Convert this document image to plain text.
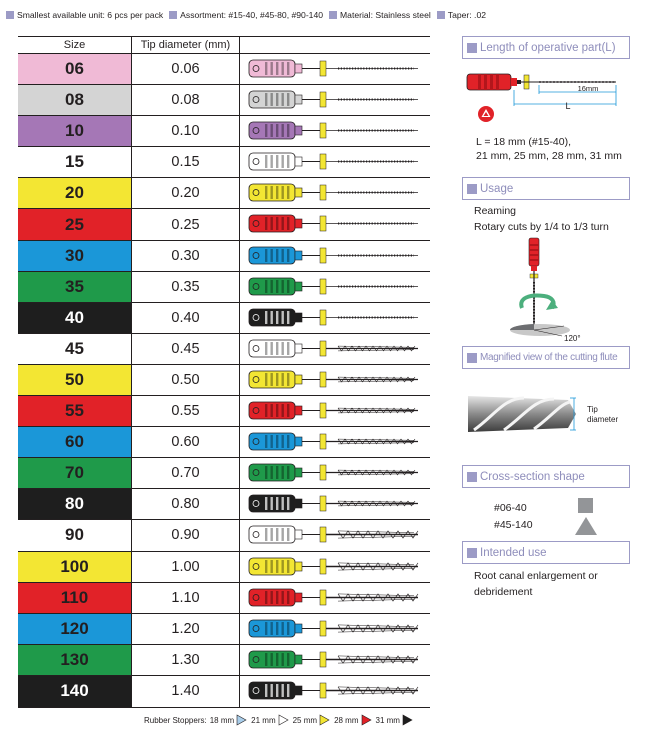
Smallest available unit: 6 pcs per pack Assortment: #15-40, #45-80, #90-140 Material: Stainless steel Taper: .02
Size	Tip diameter (mm)
06	0.06
08	0.08
10	0.10
15	0.15
20	0.20
25	0.25
30	0.30
35	0.35
40	0.40
45	0.45
50	0.50
55	0.55
60	0.60
70	0.70
80	0.80
90	0.90
100	1.00
110	1.10
120	1.20
130	1.30
140	1.40
Rubber Stoppers: 18 mm 21 mm 25 mm 28 mm 31 mm
Length of operative part(L)
16mm
L
L = 18 mm (#15-40),
21 mm, 25 mm, 28 mm, 31 mm
Usage
Reaming
Rotary cuts by 1/4 to 1/3 turn
120°
Magnified view of the cutting flute
Tip
diameter
Cross-section shape
#06-40
#45-140
Intended use
Root canal enlargement or
debridement
